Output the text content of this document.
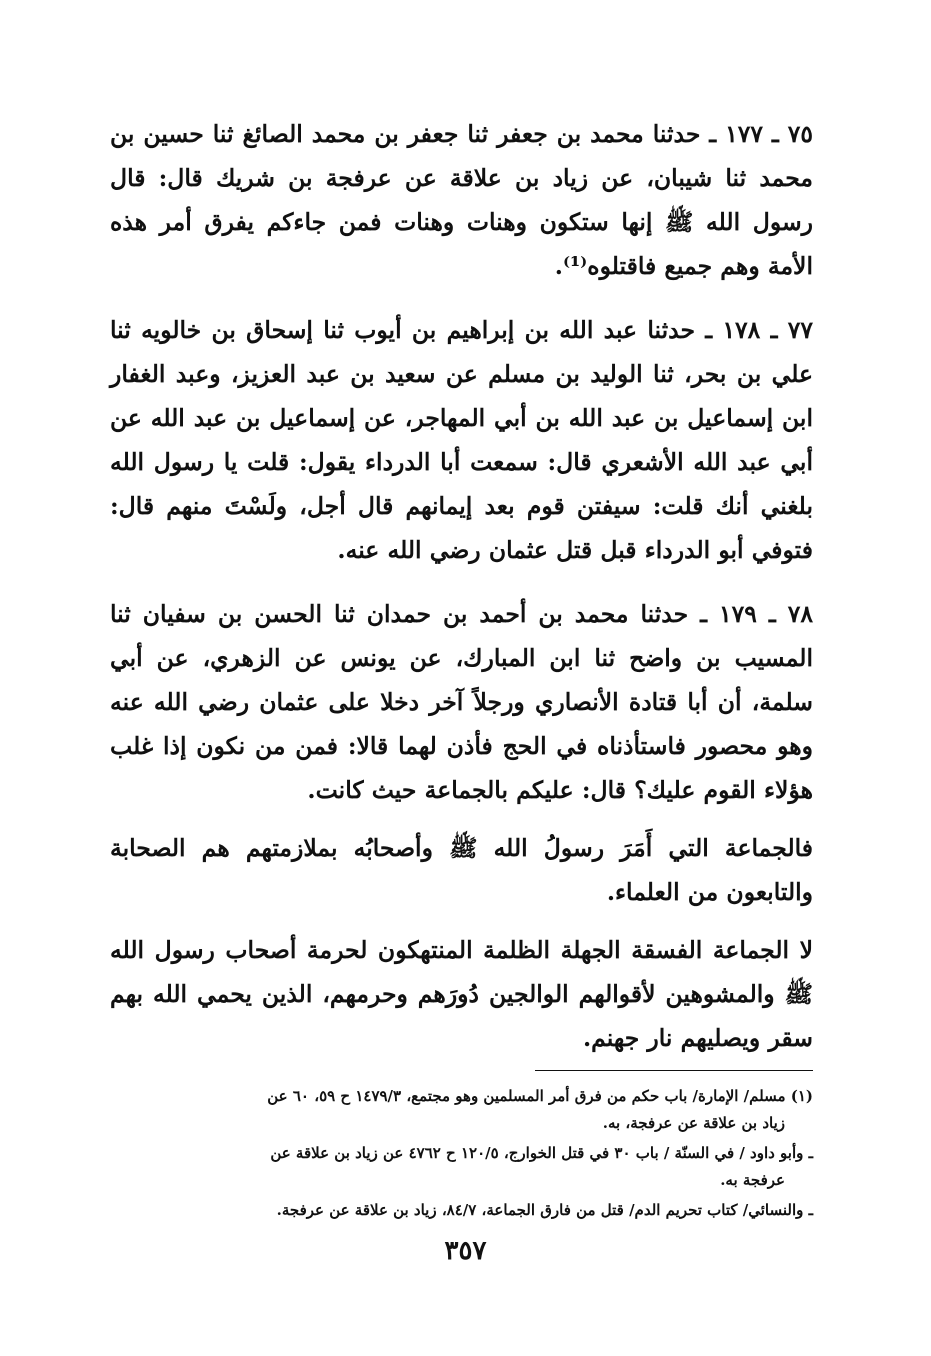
٧٥ ـ ١٧٧ ـ حدثنا محمد بن جعفر ثنا جعفر بن محمد الصائغ ثنا حسين بن محمد ثنا شيبان، عن زياد بن علاقة عن عرفجة بن شريك قال: قال رسول الله ﷺ إنها ستكون وهنات وهنات فمن جاءكم يفرق أمر هذه الأمة وهم جميع فاقتلوه⁽¹⁾.

٧٧ ـ ١٧٨ ـ حدثنا عبد الله بن إبراهيم بن أيوب ثنا إسحاق بن خالويه ثنا علي بن بحر، ثنا الوليد بن مسلم عن سعيد بن عبد العزيز، وعبد الغفار ابن إسماعيل بن عبد الله بن أبي المهاجر، عن إسماعيل بن عبد الله عن أبي عبد الله الأشعري قال: سمعت أبا الدرداء يقول: قلت يا رسول الله بلغني أنك قلت: سيفتن قوم بعد إيمانهم قال أجل، ولَسْتَ منهم قال: فتوفي أبو الدرداء قبل قتل عثمان رضي الله عنه.

٧٨ ـ ١٧٩ ـ حدثنا محمد بن أحمد بن حمدان ثنا الحسن بن سفيان ثنا المسيب بن واضح ثنا ابن المبارك، عن يونس عن الزهري، عن أبي سلمة، أن أبا قتادة الأنصاري ورجلاً آخر دخلا على عثمان رضي الله عنه وهو محصور فاستأذناه في الحج فأذن لهما قالا: فمن من نكون إذا غلب هؤلاء القوم عليك؟ قال: عليكم بالجماعة حيث كانت.

فالجماعة التي أَمَرَ رسولُ الله ﷺ وأصحابُه بملازمتهم هم الصحابة والتابعون من العلماء.

لا الجماعة الفسقة الجهلة الظلمة المنتهكون لحرمة أصحاب رسول الله ﷺ والمشوهين لأقوالهم الوالجين دُورَهم وحرمهم، الذين يحمي الله بهم سقر ويصليهم نار جهنم.

(١) مسلم/ الإمارة/ باب حكم من فرق أمر المسلمين وهو مجتمع، ١٤٧٩/٣ ح ٥٩، ٦٠ عن
زياد بن علاقة عن عرفجة، به.
ـ وأبو داود / في السنّة / باب ٣٠ في قتل الخوارج، ١٢٠/٥ ح ٤٧٦٢ عن زياد بن علاقة عن
عرفجة به.
ـ والنسائي/ كتاب تحريم الدم/ قتل من فارق الجماعة، ٨٤/٧، زياد بن علاقة عن عرفجة.
٣٥٧
